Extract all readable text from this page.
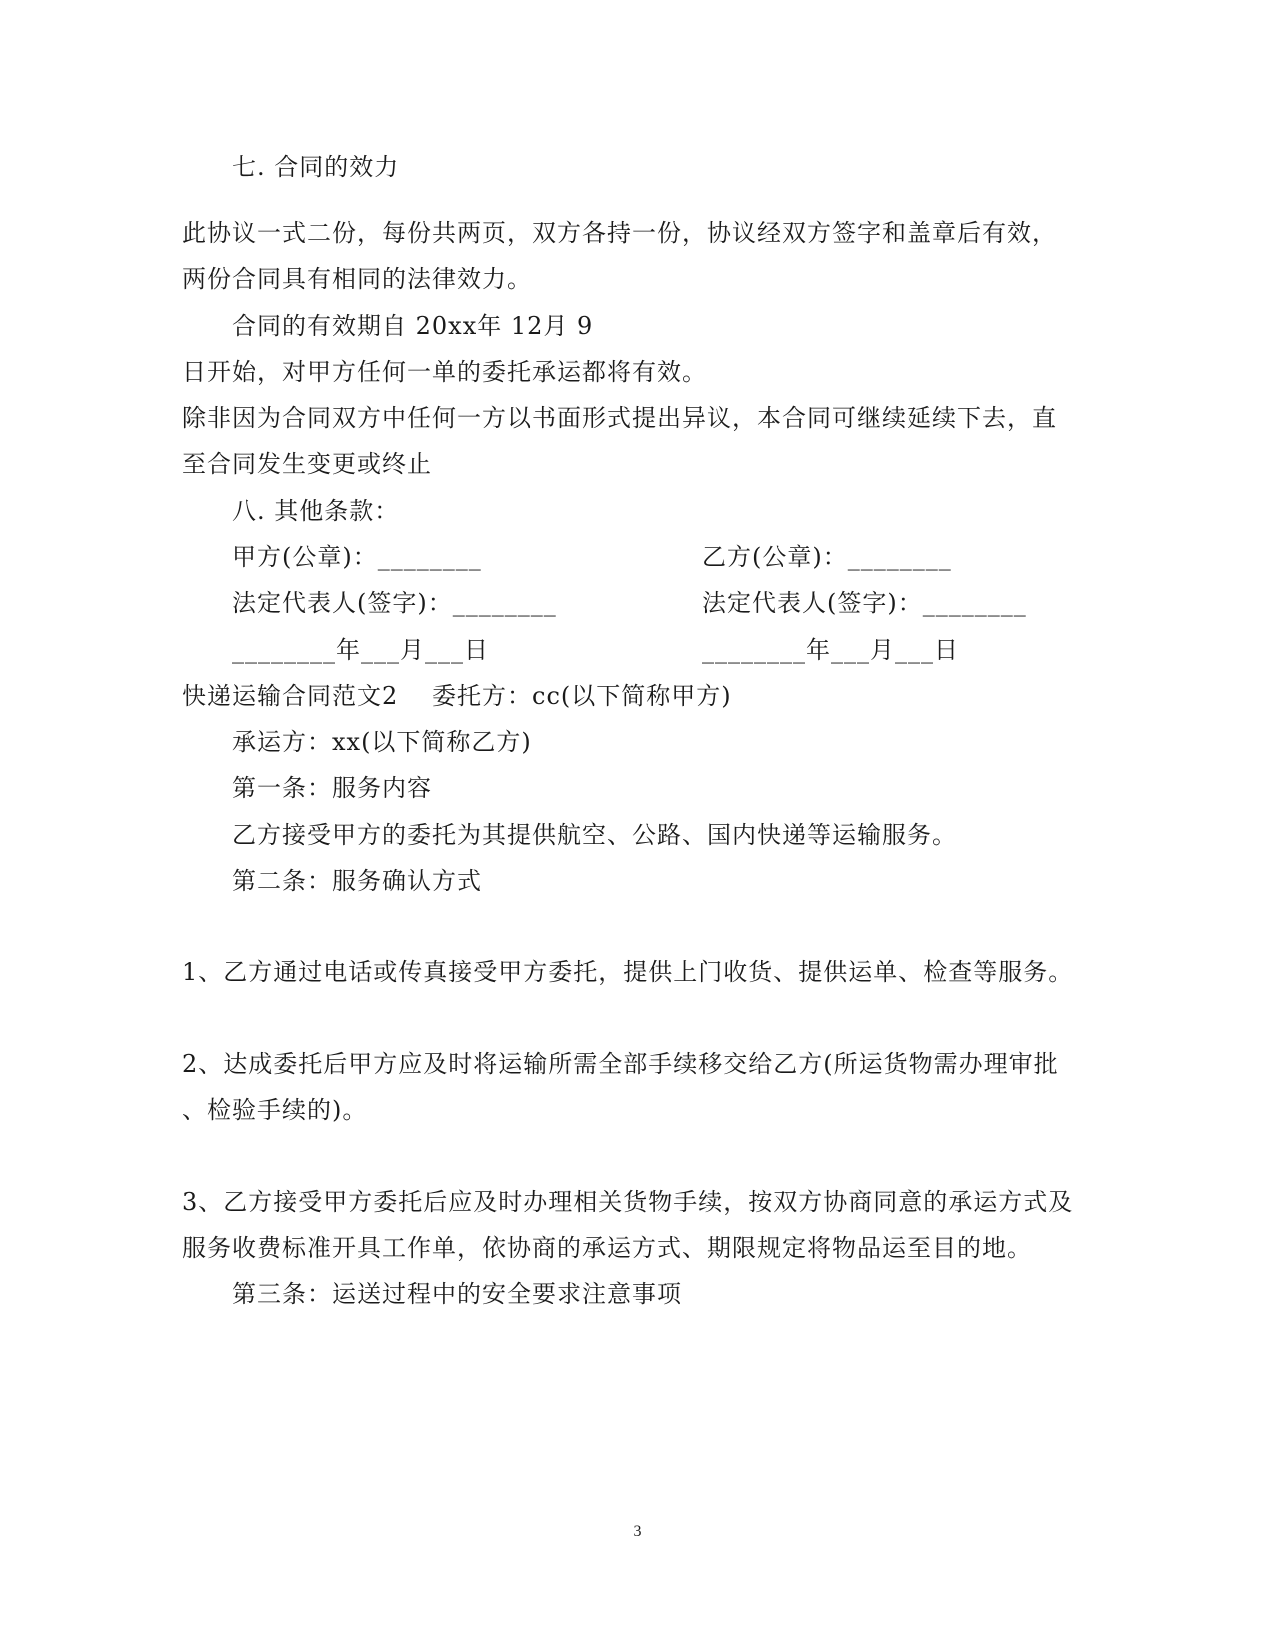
七. 合同的效力
此协议一式二份，每份共两页，双方各持一份，协议经双方签字和盖章后有效，
两份合同具有相同的法律效力。
合同的有效期自 20xx年 12月 9
日开始，对甲方任何一单的委托承运都将有效。
除非因为合同双方中任何一方以书面形式提出异议，本合同可继续延续下去，直
至合同发生变更或终止
八. 其他条款：
甲方(公章)：________	乙方(公章)：________
法定代表人(签字)：________	法定代表人(签字)：________
________年___月___日	________年___月___日
快递运输合同范文2 委托方：cc(以下简称甲方)
承运方：xx(以下简称乙方)
第一条：服务内容
乙方接受甲方的委托为其提供航空、公路、国内快递等运输服务。
第二条：服务确认方式
1、乙方通过电话或传真接受甲方委托，提供上门收货、提供运单、检查等服务。
2、达成委托后甲方应及时将运输所需全部手续移交给乙方(所运货物需办理审批
、检验手续的)。
3、乙方接受甲方委托后应及时办理相关货物手续，按双方协商同意的承运方式及
服务收费标准开具工作单，依协商的承运方式、期限规定将物品运至目的地。
第三条：运送过程中的安全要求注意事项
3
